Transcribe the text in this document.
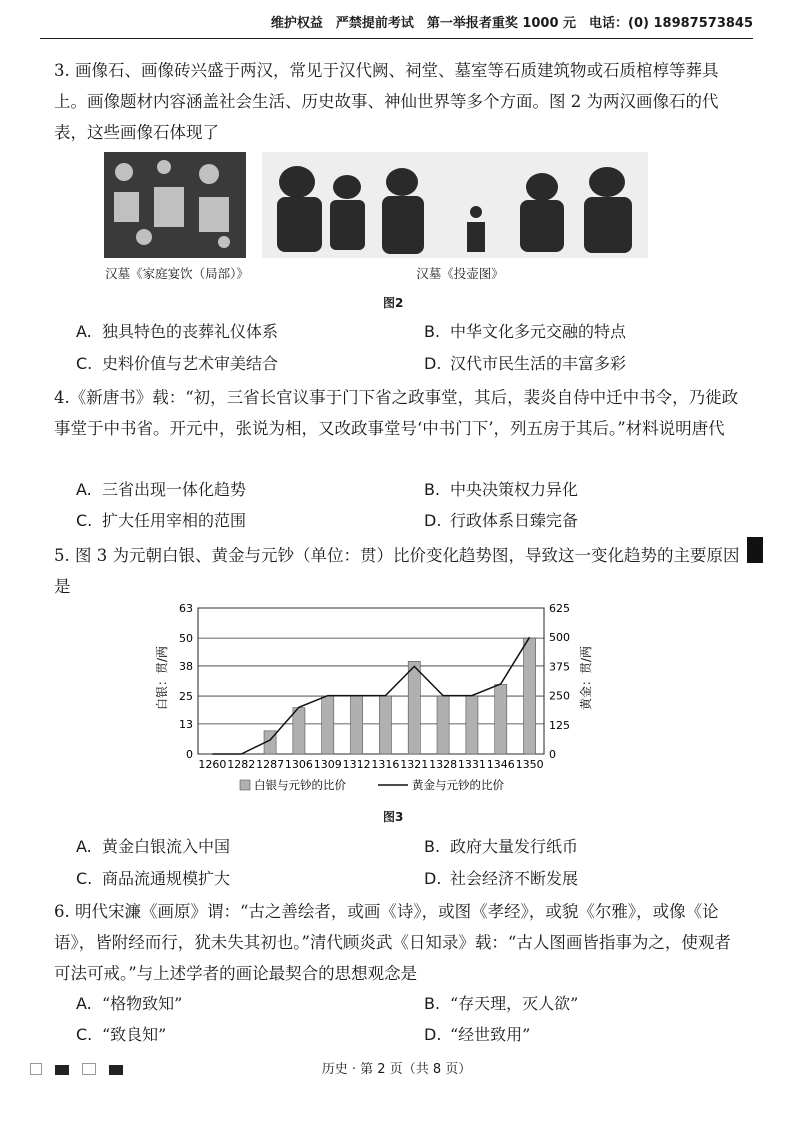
维护权益　严禁提前考试　第一举报者重奖 1000 元　电话：(0) 18987573845
3. 画像石、画像砖兴盛于两汉，常见于汉代阙、祠堂、墓室等石质建筑物或石质棺椁等葬具上。画像题材内容涵盖社会生活、历史故事、神仙世界等多个方面。图 2 为两汉画像石的代表，这些画像石体现了
汉墓《家庭宴饮（局部）》	汉墓《投壶图》
图2
A. 独具特色的丧葬礼仪体系	B. 中华文化多元交融的特点
C. 史料价值与艺术审美结合	D. 汉代市民生活的丰富多彩
4.《新唐书》载：“初，三省长官议事于门下省之政事堂，其后，裴炎自侍中迁中书令，乃徙政事堂于中书省。开元中，张说为相，又改政事堂号‘中书门下’，列五房于其后。”材料说明唐代
A. 三省出现一体化趋势	B. 中央决策权力异化
C. 扩大任用宰相的范围	D. 行政体系日臻完备
5. 图 3 为元朝白银、黄金与元钞（单位：贯）比价变化趋势图，导致这一变化趋势的主要原因是
0
13
25
38
50
63
0
125
250
375
500
625
1260 1282 1287 1306 1309 1312 1316 1321 1328 1331 1346 1350
白银：贯/两	黄金：贯/两
白银与元钞的比价	黄金与元钞的比价
图3
A. 黄金白银流入中国	B. 政府大量发行纸币
C. 商品流通规模扩大	D. 社会经济不断发展
6. 明代宋濂《画原》谓：“古之善绘者，或画《诗》，或图《孝经》，或貌《尔雅》，或像《论语》，皆附经而行，犹未失其初也。”清代顾炎武《日知录》载：“古人图画皆指事为之，使观者可法可戒。”与上述学者的画论最契合的思想观念是
A. “格物致知”	B. “存天理，灭人欲”
C. “致良知”	D. “经世致用”

历史 · 第 2 页（共 8 页）
